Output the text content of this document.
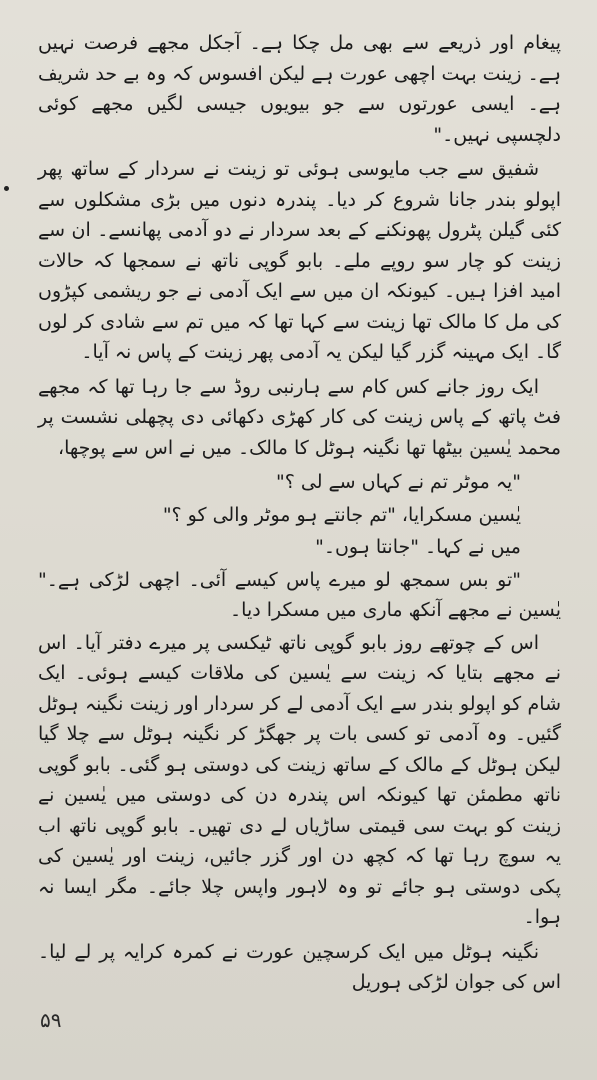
پیغام اور ذریعے سے بھی مل چکا ہے۔ آجکل مجھے فرصت نہیں ہے۔ زینت بہت اچھی عورت ہے لیکن افسوس کہ وہ بے حد شریف ہے۔ ایسی عورتوں سے جو بیویوں جیسی لگیں مجھے کوئی دلچسپی نہیں۔"

شفیق سے جب مایوسی ہوئی تو زینت نے سردار کے ساتھ پھر اپولو بندر جانا شروع کر دیا۔ پندرہ دنوں میں بڑی مشکلوں سے کئی گیلن پٹرول پھونکنے کے بعد سردار نے دو آدمی پھانسے۔ ان سے زینت کو چار سو روپے ملے۔ بابو گوپی ناتھ نے سمجھا کہ حالات امید افزا ہیں۔ کیونکہ ان میں سے ایک آدمی نے جو ریشمی کپڑوں کی مل کا مالک تھا زینت سے کہا تھا کہ میں تم سے شادی کر لوں گا۔ ایک مہینہ گزر گیا لیکن یہ آدمی پھر زینت کے پاس نہ آیا۔

ایک روز جانے کس کام سے ہارنبی روڈ سے جا رہا تھا کہ مجھے فٹ پاتھ کے پاس زینت کی کار کھڑی دکھائی دی پچھلی نشست پر محمد یٰسین بیٹھا تھا نگینہ ہوٹل کا مالک۔ میں نے اس سے پوچھا،

"یہ موٹر تم نے کہاں سے لی ؟"

یٰسین مسکرایا، "تم جانتے ہو موٹر والی کو ؟"

میں نے کہا۔ "جانتا ہوں۔"

"تو بس سمجھ لو میرے پاس کیسے آئی۔ اچھی لڑکی ہے۔" یٰسین نے مجھے آنکھ ماری میں مسکرا دیا۔

اس کے چوتھے روز بابو گوپی ناتھ ٹیکسی پر میرے دفتر آیا۔ اس نے مجھے بتایا کہ زینت سے یٰسین کی ملاقات کیسے ہوئی۔ ایک شام کو اپولو بندر سے ایک آدمی لے کر سردار اور زینت نگینہ ہوٹل گئیں۔ وہ آدمی تو کسی بات پر جھگڑ کر نگینہ ہوٹل سے چلا گیا لیکن ہوٹل کے مالک کے ساتھ زینت کی دوستی ہو گئی۔ بابو گوپی ناتھ مطمئن تھا کیونکہ اس پندرہ دن کی دوستی میں یٰسین نے زینت کو بہت سی قیمتی ساڑیاں لے دی تھیں۔ بابو گوپی ناتھ اب یہ سوچ رہا تھا کہ کچھ دن اور گزر جائیں، زینت اور یٰسین کی پکی دوستی ہو جائے تو وہ لاہور واپس چلا جائے۔ مگر ایسا نہ ہوا۔

نگینہ ہوٹل میں ایک کرسچین عورت نے کمرہ کرایہ پر لے لیا۔ اس کی جوان لڑکی ہوریل

۵۹
